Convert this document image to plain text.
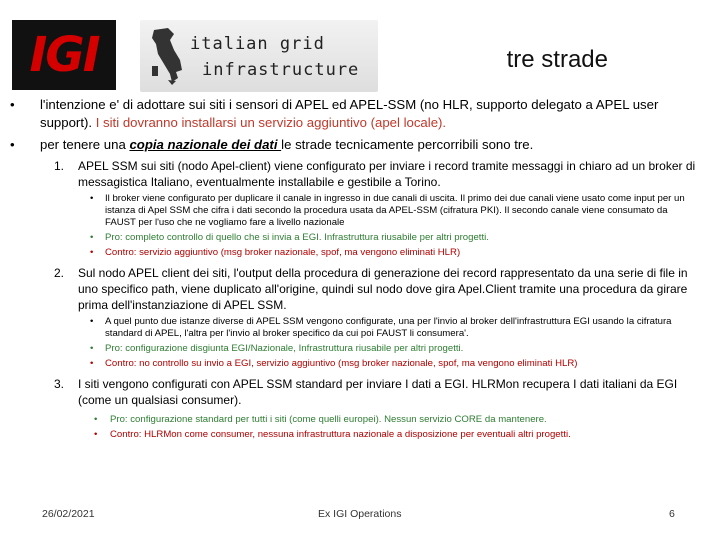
IGI	italian grid
infrastructure	tre strade
• l'intenzione e' di adottare sui siti i sensori di APEL ed APEL-SSM (no HLR, supporto delegato a APEL user support). I siti dovranno installarsi un servizio aggiuntivo (apel locale).
• per tenere una copia nazionale dei dati le strade tecnicamente percorribili sono tre.
1. APEL SSM sui siti (nodo Apel-client) viene configurato per inviare i record tramite messaggi in chiaro ad un broker di messagistica Italiano, eventualmente installabile e gestibile a Torino.
• Il broker viene configurato per duplicare il canale in ingresso in due canali di uscita. Il primo dei due canali viene usato come input per un istanza di Apel SSM che cifra i dati secondo la procedura usata da APEL-SSM (cifratura PKI). Il secondo canale viene consumato da FAUST per l'uso che ne vogliamo fare a livello nazionale
• Pro: completo controllo di quello che si invia a EGI. Infrastruttura riusabile per altri progetti.
• Contro: servizio aggiuntivo (msg broker nazionale, spof, ma vengono eliminati HLR)
2. Sul nodo APEL client dei siti, l'output della procedura di generazione dei record rappresentato da una serie di file in uno specifico path, viene duplicato all'origine, quindi sul nodo dove gira Apel.Client tramite una procedura da girare prima dell'instanziazione di APEL SSM.
• A quel punto due istanze diverse di APEL SSM vengono configurate, una per l'invio al broker dell'infrastruttura EGI usando la cifratura standard di APEL, l'altra per l'invio al broker specifico da cui poi FAUST li consumera'.
• Pro: configurazione disgiunta EGI/Nazionale, Infrastruttura riusabile per altri progetti.
• Contro: no controllo su invio a EGI, servizio aggiuntivo (msg broker nazionale, spof, ma vengono eliminati HLR)
3. I siti vengono configurati con APEL SSM standard per inviare I dati a EGI. HLRMon recupera I dati italiani da EGI (come un qualsiasi consumer).
• Pro: configurazione standard per tutti i siti (come quelli europei). Nessun servizio CORE da mantenere.
• Contro: HLRMon come consumer, nessuna infrastruttura nazionale a disposizione per eventuali altri progetti.
26/02/2021	Ex IGI Operations	6
